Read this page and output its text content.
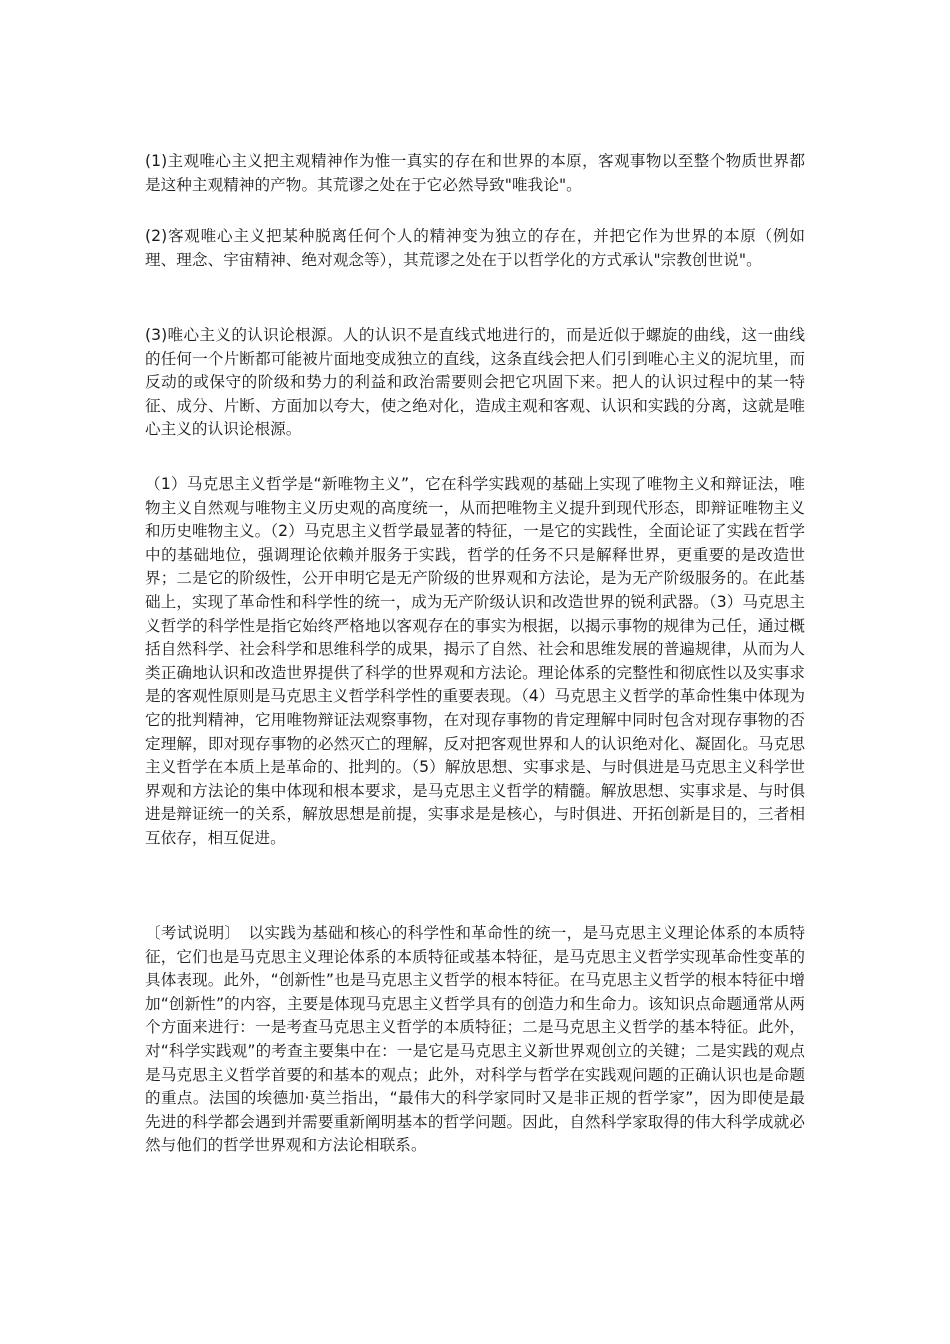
(1)主观唯心主义把主观精神作为惟一真实的存在和世界的本原，客观事物以至整个物质世界都是这种主观精神的产物。其荒谬之处在于它必然导致"唯我论"。

(2)客观唯心主义把某种脱离任何个人的精神变为独立的存在，并把它作为世界的本原（例如理、理念、宇宙精神、绝对观念等），其荒谬之处在于以哲学化的方式承认"宗教创世说"。

(3)唯心主义的认识论根源。人的认识不是直线式地进行的，而是近似于螺旋的曲线，这一曲线的任何一个片断都可能被片面地变成独立的直线，这条直线会把人们引到唯心主义的泥坑里，而反动的或保守的阶级和势力的利益和政治需要则会把它巩固下来。把人的认识过程中的某一特征、成分、片断、方面加以夸大，使之绝对化，造成主观和客观、认识和实践的分离，这就是唯心主义的认识论根源。

（1）马克思主义哲学是“新唯物主义”，它在科学实践观的基础上实现了唯物主义和辩证法，唯物主义自然观与唯物主义历史观的高度统一，从而把唯物主义提升到现代形态，即辩证唯物主义和历史唯物主义。（2）马克思主义哲学最显著的特征，一是它的实践性，全面论证了实践在哲学中的基础地位，强调理论依赖并服务于实践，哲学的任务不只是解释世界，更重要的是改造世界；二是它的阶级性，公开申明它是无产阶级的世界观和方法论，是为无产阶级服务的。在此基础上，实现了革命性和科学性的统一，成为无产阶级认识和改造世界的锐利武器。（3）马克思主义哲学的科学性是指它始终严格地以客观存在的事实为根据，以揭示事物的规律为己任，通过概括自然科学、社会科学和思维科学的成果，揭示了自然、社会和思维发展的普遍规律，从而为人类正确地认识和改造世界提供了科学的世界观和方法论。理论体系的完整性和彻底性以及实事求是的客观性原则是马克思主义哲学科学性的重要表现。（4）马克思主义哲学的革命性集中体现为它的批判精神，它用唯物辩证法观察事物，在对现存事物的肯定理解中同时包含对现存事物的否定理解，即对现存事物的必然灭亡的理解，反对把客观世界和人的认识绝对化、凝固化。马克思主义哲学在本质上是革命的、批判的。（5）解放思想、实事求是、与时俱进是马克思主义科学世界观和方法论的集中体现和根本要求，是马克思主义哲学的精髓。解放思想、实事求是、与时俱进是辩证统一的关系，解放思想是前提，实事求是是核心，与时俱进、开拓创新是目的，三者相互依存，相互促进。

〔考试说明〕　以实践为基础和核心的科学性和革命性的统一，是马克思主义理论体系的本质特征，它们也是马克思主义理论体系的本质特征或基本特征，是马克思主义哲学实现革命性变革的具体表现。此外，“创新性”也是马克思主义哲学的根本特征。在马克思主义哲学的根本特征中增加“创新性”的内容，主要是体现马克思主义哲学具有的创造力和生命力。该知识点命题通常从两个方面来进行：一是考查马克思主义哲学的本质特征；二是马克思主义哲学的基本特征。此外，对“科学实践观”的考查主要集中在：一是它是马克思主义新世界观创立的关键；二是实践的观点是马克思主义哲学首要的和基本的观点；此外，对科学与哲学在实践观问题的正确认识也是命题的重点。法国的埃德加·莫兰指出，“最伟大的科学家同时又是非正规的哲学家”，因为即使是最先进的科学都会遇到并需要重新阐明基本的哲学问题。因此，自然科学家取得的伟大科学成就必然与他们的哲学世界观和方法论相联系。
